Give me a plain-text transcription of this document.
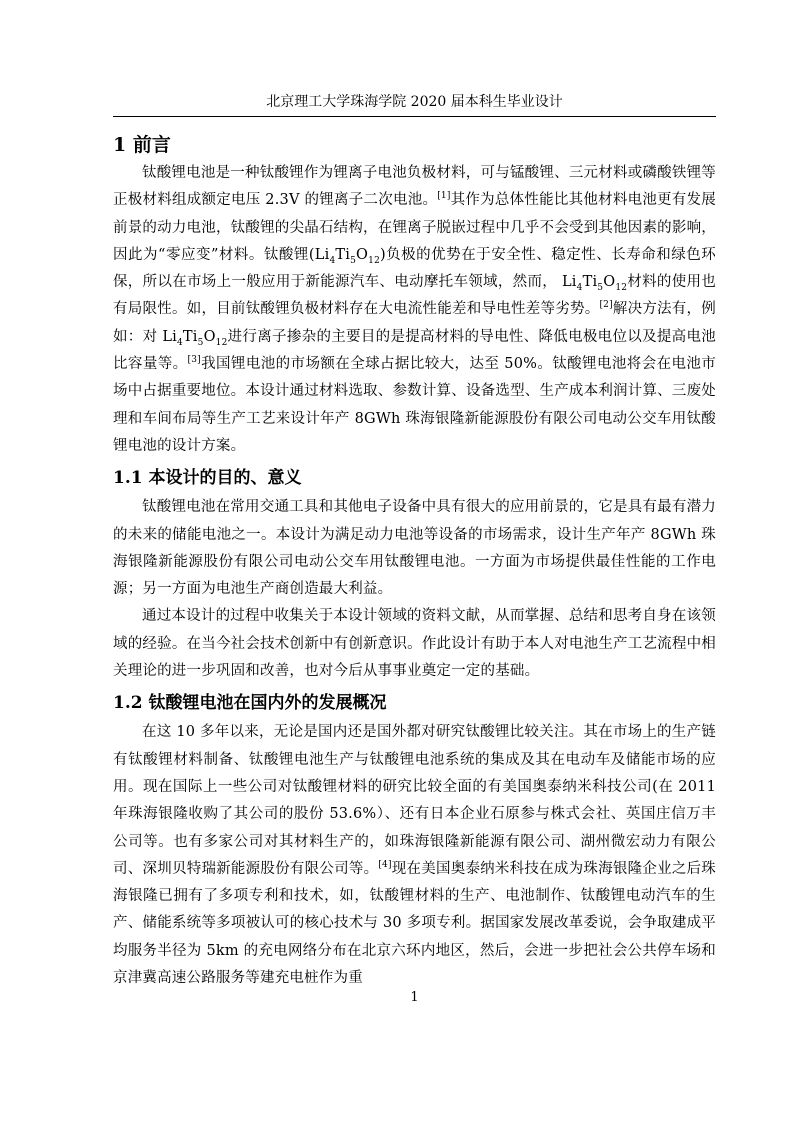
北京理工大学珠海学院 2020 届本科生毕业设计
1 前言

钛酸锂电池是一种钛酸锂作为锂离子电池负极材料，可与锰酸锂、三元材料或磷酸铁锂等正极材料组成额定电压 2.3V 的锂离子二次电池。[1]其作为总体性能比其他材料电池更有发展前景的动力电池，钛酸锂的尖晶石结构，在锂离子脱嵌过程中几乎不会受到其他因素的影响，因此为“零应变”材料。钛酸锂$(Li_4Ti_5O_{12})$负极的优势在于安全性、稳定性、长寿命和绿色环保，所以在市场上一般应用于新能源汽车、电动摩托车领域，然而， $Li_4Ti_5O_{12}$材料的使用也有局限性。如，目前钛酸锂负极材料存在大电流性能差和导电性差等劣势。[2]解决方法有，例如：对 $Li_4Ti_5O_{12}$进行离子掺杂的主要目的是提高材料的导电性、降低电极电位以及提高电池比容量等。[3]我国锂电池的市场额在全球占据比较大，达至 50%。钛酸锂电池将会在电池市场中占据重要地位。本设计通过材料选取、参数计算、设备选型、生产成本利润计算、三废处理和车间布局等生产工艺来设计年产 8GWh 珠海银隆新能源股份有限公司电动公交车用钛酸锂电池的设计方案。

1.1 本设计的目的、意义

钛酸锂电池在常用交通工具和其他电子设备中具有很大的应用前景的，它是具有最有潜力的未来的储能电池之一。本设计为满足动力电池等设备的市场需求，设计生产年产 8GWh 珠海银隆新能源股份有限公司电动公交车用钛酸锂电池。一方面为市场提供最佳性能的工作电源；另一方面为电池生产商创造最大利益。

通过本设计的过程中收集关于本设计领域的资料文献，从而掌握、总结和思考自身在该领域的经验。在当今社会技术创新中有创新意识。作此设计有助于本人对电池生产工艺流程中相关理论的进一步巩固和改善，也对今后从事事业奠定一定的基础。

1.2 钛酸锂电池在国内外的发展概况

在这 10 多年以来，无论是国内还是国外都对研究钛酸锂比较关注。其在市场上的生产链有钛酸锂材料制备、钛酸锂电池生产与钛酸锂电池系统的集成及其在电动车及储能市场的应用。现在国际上一些公司对钛酸锂材料的研究比较全面的有美国奥泰纳米科技公司(在 2011 年珠海银隆收购了其公司的股份 53.6%）、还有日本企业石原参与株式会社、英国庄信万丰公司等。也有多家公司对其材料生产的，如珠海银隆新能源有限公司、湖州微宏动力有限公司、深圳贝特瑞新能源股份有限公司等。[4]现在美国奥泰纳米科技在成为珠海银隆企业之后珠海银隆已拥有了多项专利和技术，如，钛酸锂材料的生产、电池制作、钛酸锂电动汽车的生产、储能系统等多项被认可的核心技术与 30 多项专利。据国家发展改革委说，会争取建成平均服务半径为 5km 的充电网络分布在北京六环内地区，然后，会进一步把社会公共停车场和京津冀高速公路服务等建充电桩作为重

1
